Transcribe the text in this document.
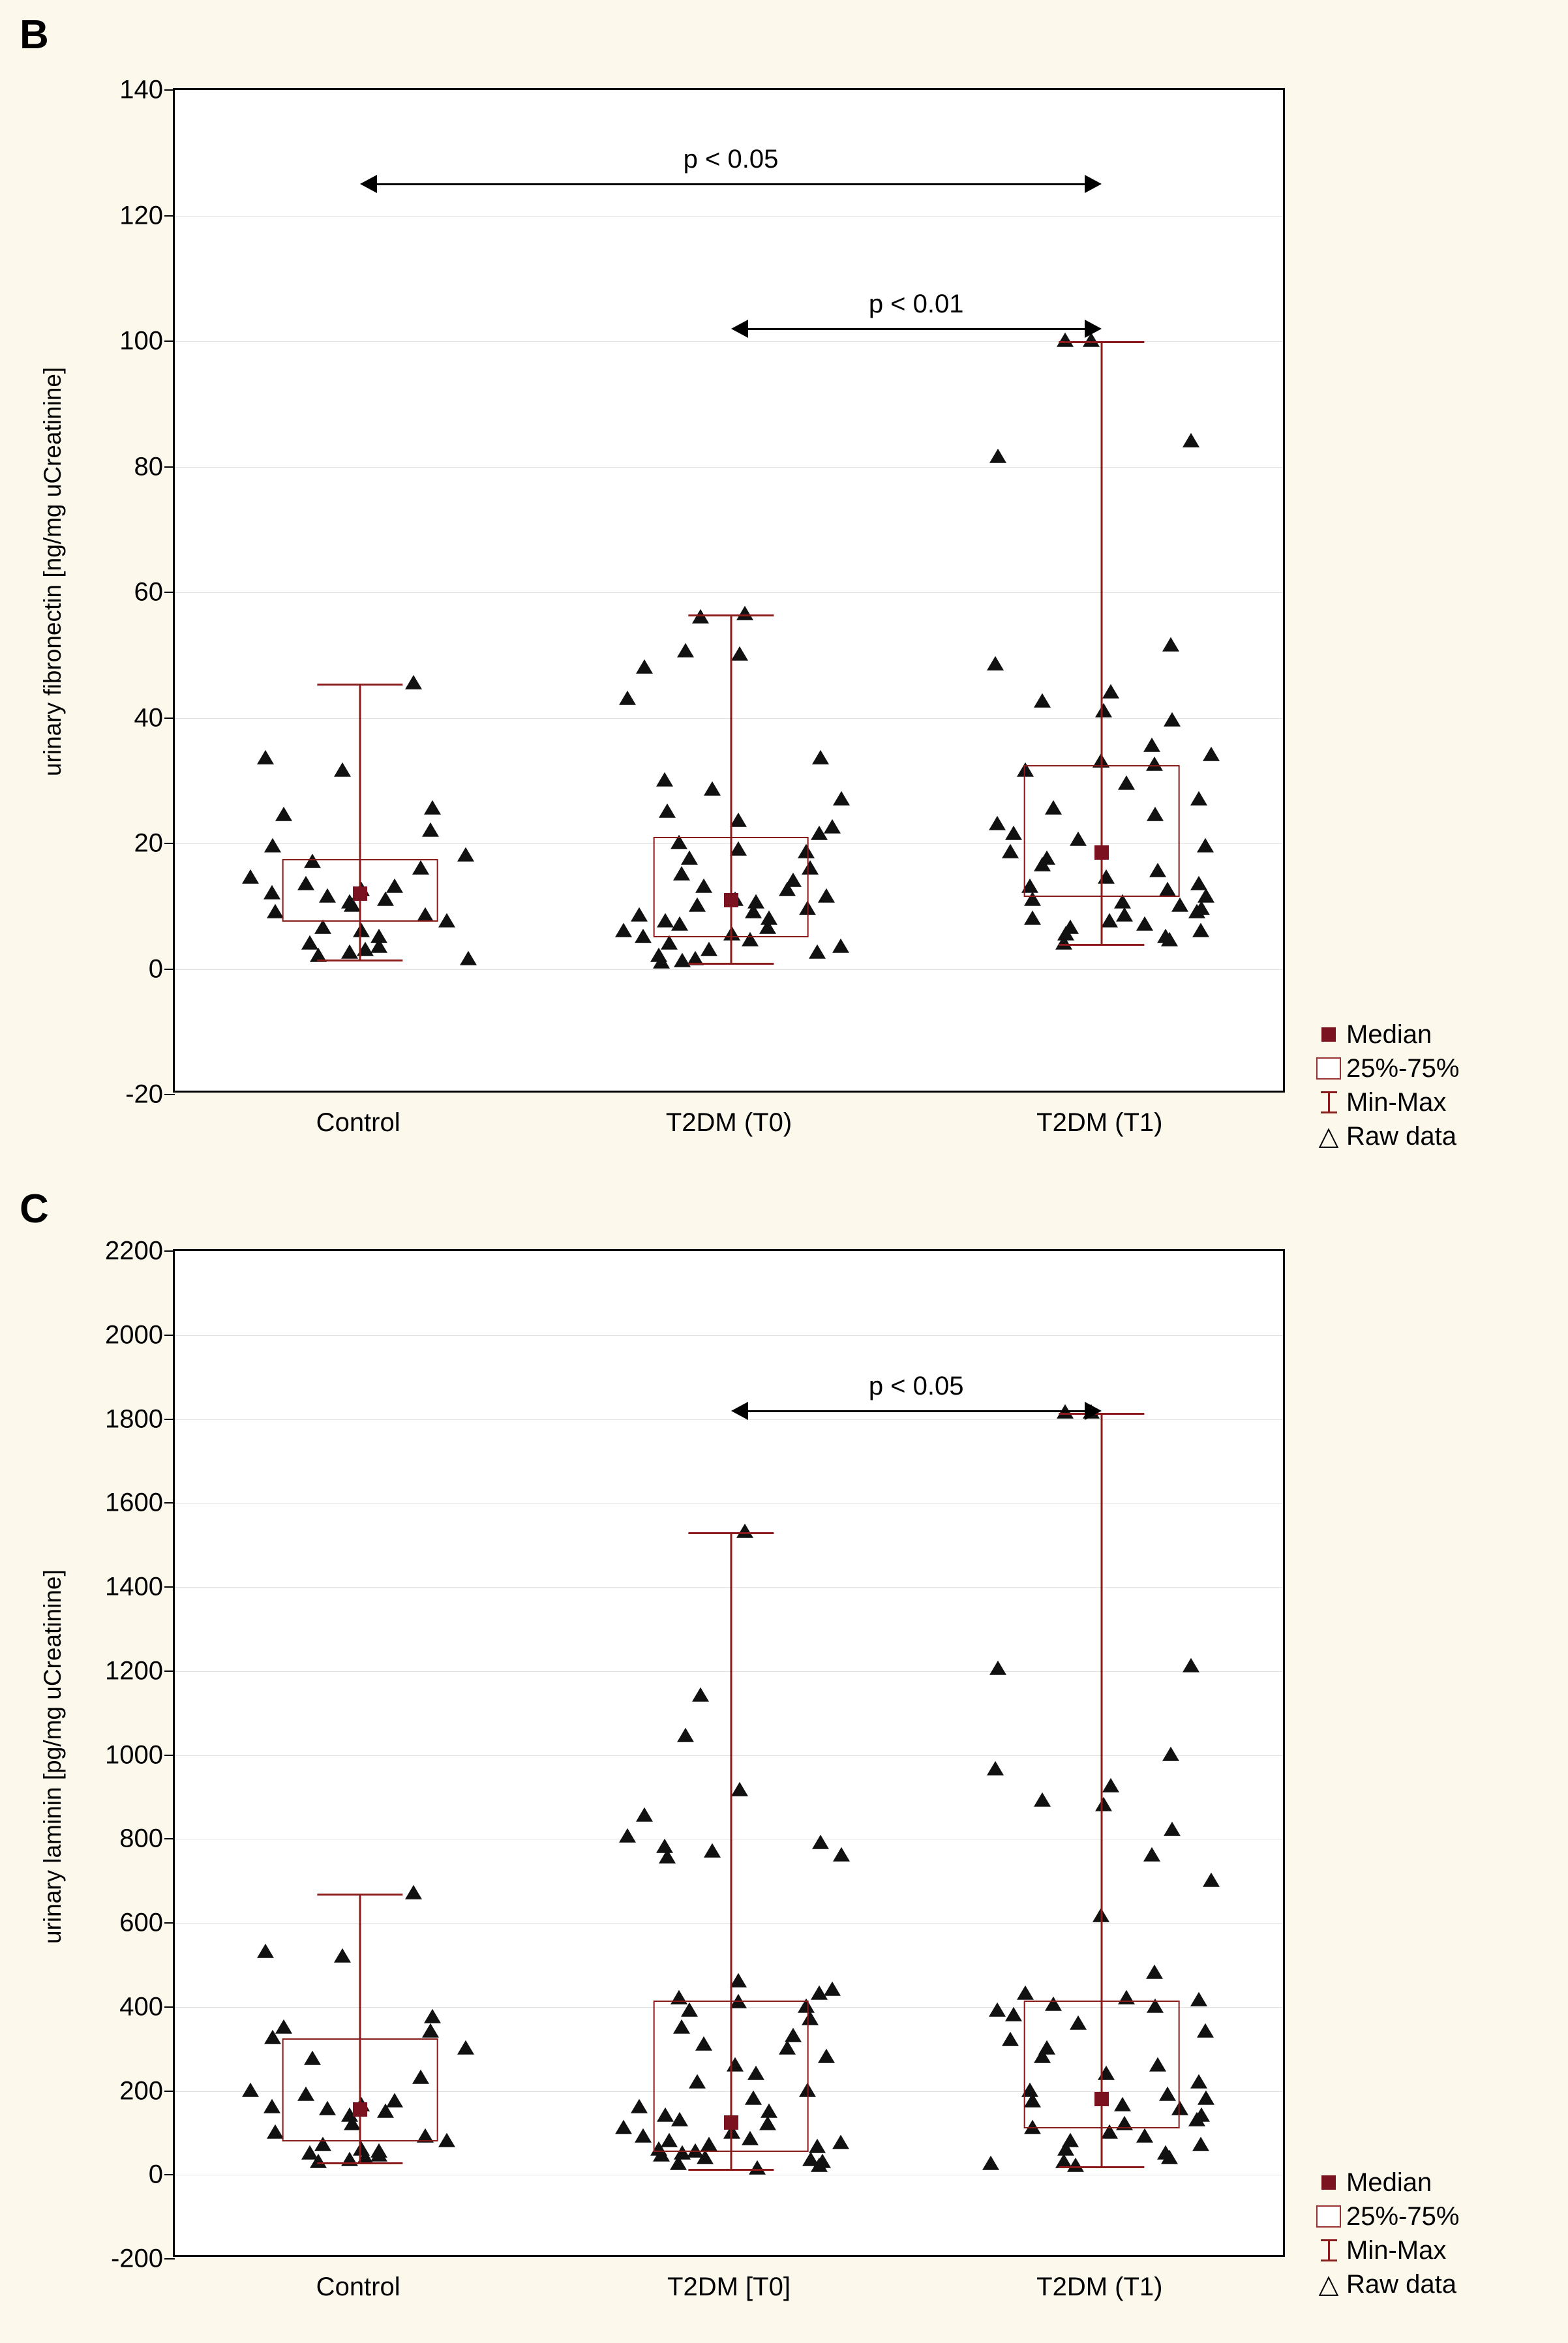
B
urinary fibronectin [ng/mg uCreatinine]
-20
0
20
40
60
80
100
120
140
p < 0.05
p < 0.01
Control	T2DM (T0)	T2DM (T1)
Median
25%-75%
Min-Max
△ Raw data
C
urinary laminin [pg/mg uCreatinine]
-200
0
200
400
600
800
1000
1200
1400
1600
1800
2000
2200
p < 0.05
Control	T2DM [T0]	T2DM (T1)
Median
25%-75%
Min-Max
△ Raw data
